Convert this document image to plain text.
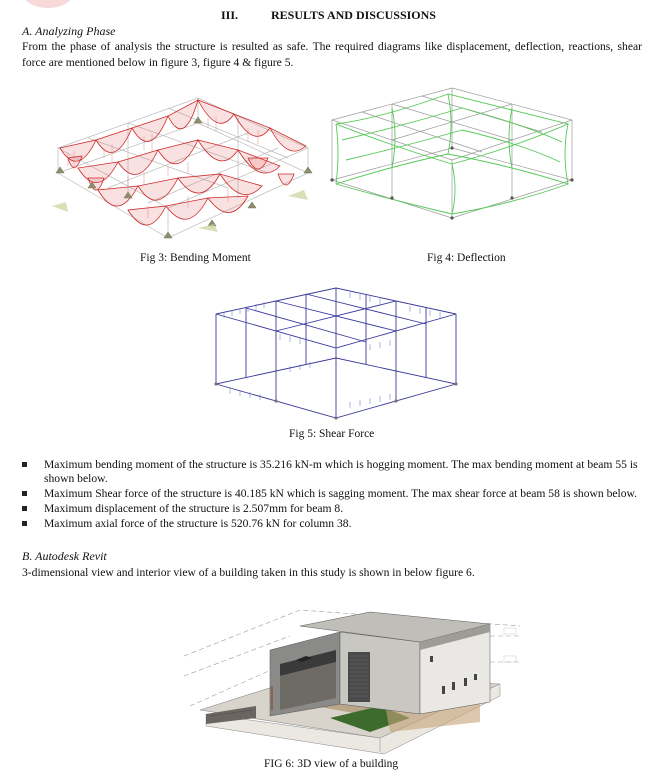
III.	RESULTS AND DISCUSSIONS
A. Analyzing Phase
From the phase of analysis the structure is resulted as safe. The required diagrams like displacement, deflection, reactions, shear force are mentioned below in figure 3, figure 4 & figure 5.
Fig 3: Bending Moment	Fig 4: Deflection
Fig 5: Shear Force
Maximum bending moment of the structure is 35.216 kN-m which is hogging moment. The max bending moment at beam 55 is shown below.
Maximum Shear force of the structure is 40.185 kN which is sagging moment. The max shear force at beam 58 is shown below.
Maximum displacement of the structure is 2.507mm for beam 8.
Maximum axial force of the structure is 520.76 kN for column 38.
B. Autodesk Revit
3-dimensional view and interior view of a building taken in this study is shown in below figure 6.
FIG 6: 3D view of a building
